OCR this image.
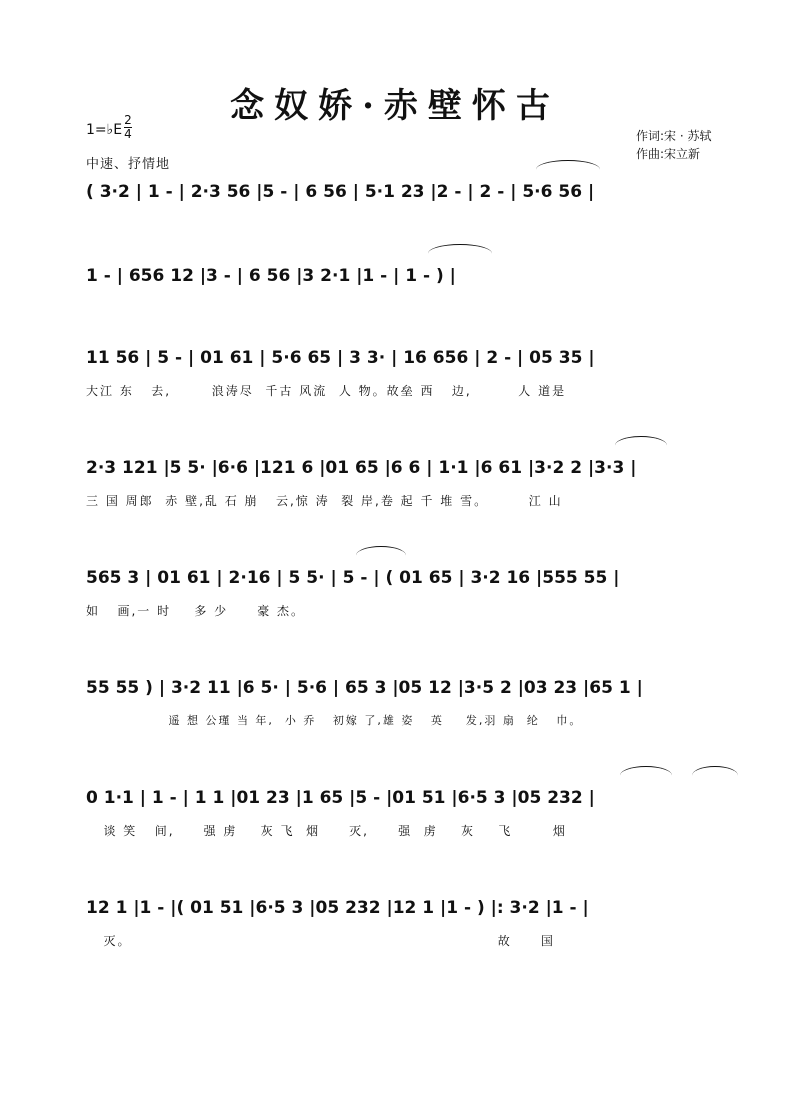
念奴娇·赤壁怀古
1=♭E
2
4
中速、抒情地
作词:宋 · 苏轼
作曲:宋立新
( 3·2 | 1 - | 2·3 56 |5 - | 6 56 | 5·1 23 |2 - | 2 - | 5·6 56 |
1 - | 656 12 |3 - | 6 56 |3 2·1 |1 - | 1 - ) |
11 56 | 5 - | 01 61 | 5·6 65 | 3 3· | 16 656 | 2 - | 05 35 |
大江 东   去,       浪涛尽  千古 风流  人 物。故垒 西   边,        人 道是
2·3 121 |5 5· |6·6 |121 6 |01 65 |6 6 | 1·1 |6 61 |3·2 2 |3·3 |
三 国 周郎  赤 壁,乱 石 崩   云,惊 涛  裂 岸,卷 起 千 堆 雪。       江 山
565 3 | 01 61 | 2·16 | 5 5· | 5 - | ( 01 65 | 3·2 16 |555 55 |
如   画,一 时    多 少     豪 杰。
55 55 ) | 3·2 11 |6 5· | 5·6 | 65 3 |05 12 |3·5 2 |03 23 |65 1 |
遥 想 公瑾 当 年,  小 乔   初嫁 了,雄 姿   英    发,羽 扇  纶   巾。
0 1·1 | 1 - | 1 1 |01 23 |1 65 |5 - |01 51 |6·5 3 |05 232 |
谈 笑   间,     强 虏    灰 飞  烟     灭,     强  虏    灰    飞       烟
12 1 |1 - |( 01 51 |6·5 3 |05 232 |12 1 |1 - ) |: 3·2 |1 - |
灭。                                                               故     国
